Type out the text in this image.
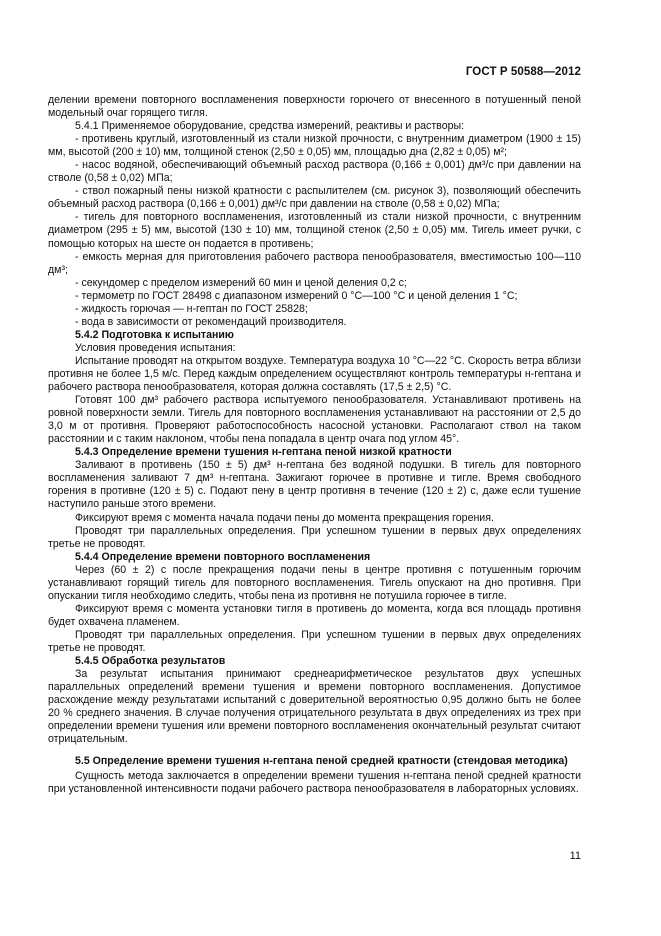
ГОСТ Р 50588—2012

делении времени повторного воспламенения поверхности горючего от внесенного в потушенный пеной модельный очаг горящего тигля.

5.4.1 Применяемое оборудование, средства измерений, реактивы и растворы:

- противень круглый, изготовленный из стали низкой прочности, с внутренним диаметром (1900 ± 15) мм, высотой (200 ± 10) мм, толщиной стенок (2,50 ± 0,05) мм, площадью дна (2,82 ± 0,05) м²;

- насос водяной, обеспечивающий объемный расход раствора (0,166 ± 0,001) дм³/с при давлении на стволе (0,58 ± 0,02) МПа;

- ствол пожарный пены низкой кратности с распылителем (см. рисунок 3), позволяющий обеспечить объемный расход раствора (0,166 ± 0,001) дм³/с при давлении на стволе (0,58 ± 0,02) МПа;

- тигель для повторного воспламенения, изготовленный из стали низкой прочности, с внутренним диаметром (295 ± 5) мм, высотой (130 ± 10) мм, толщиной стенок (2,50 ± 0,05) мм. Тигель имеет ручки, с помощью которых на шесте он подается в противень;

- емкость мерная для приготовления рабочего раствора пенообразователя, вместимостью 100—110 дм³;

- секундомер с пределом измерений 60 мин и ценой деления 0,2 с;

- термометр по ГОСТ 28498 с диапазоном измерений 0 °С—100 °С и ценой деления 1 °С;

- жидкость горючая — н-гептан по ГОСТ 25828;

- вода в зависимости от рекомендаций производителя.

5.4.2 Подготовка к испытанию

Условия проведения испытания:

Испытание проводят на открытом воздухе. Температура воздуха 10 °С—22 °С. Скорость ветра вблизи противня не более 1,5 м/с. Перед каждым определением осуществляют контроль температуры н-гептана и рабочего раствора пенообразователя, которая должна составлять (17,5 ± 2,5) °С.

Готовят 100 дм³ рабочего раствора испытуемого пенообразователя. Устанавливают противень на ровной поверхности земли. Тигель для повторного воспламенения устанавливают на расстоянии от 2,5 до 3,0 м от противня. Проверяют работоспособность насосной установки. Располагают ствол на таком расстоянии и с таким наклоном, чтобы пена попадала в центр очага под углом 45°.

5.4.3 Определение времени тушения н-гептана пеной низкой кратности

Заливают в противень (150 ± 5) дм³ н-гептана без водяной подушки. В тигель для повторного воспламенения заливают 7 дм³ н-гептана. Зажигают горючее в противне и тигле. Время свободного горения в противне (120 ± 5) с. Подают пену в центр противня в течение (120 ± 2) с, даже если тушение наступило раньше этого времени.

Фиксируют время с момента начала подачи пены до момента прекращения горения.

Проводят три параллельных определения. При успешном тушении в первых двух определениях третье не проводят.

5.4.4 Определение времени повторного воспламенения

Через (60 ± 2) с после прекращения подачи пены в центре противня с потушенным горючим устанавливают горящий тигель для повторного воспламенения. Тигель опускают на дно противня. При опускании тигля необходимо следить, чтобы пена из противня не потушила горючее в тигле.

Фиксируют время с момента установки тигля в противень до момента, когда вся площадь противня будет охвачена пламенем.

Проводят три параллельных определения. При успешном тушении в первых двух определениях третье не проводят.

5.4.5 Обработка результатов

За результат испытания принимают среднеарифметическое результатов двух успешных параллельных определений времени тушения и времени повторного воспламенения. Допустимое расхождение между результатами испытаний с доверительной вероятностью 0,95 должно быть не более 20 % среднего значения. В случае получения отрицательного результата в двух определениях из трех при определении времени тушения или времени повторного воспламенения окончательный результат считают отрицательным.

5.5 Определение времени тушения н-гептана пеной средней кратности (стендовая методика)

Сущность метода заключается в определении времени тушения н-гептана пеной средней кратности при установленной интенсивности подачи рабочего раствора пенообразователя в лабораторных условиях.

11
